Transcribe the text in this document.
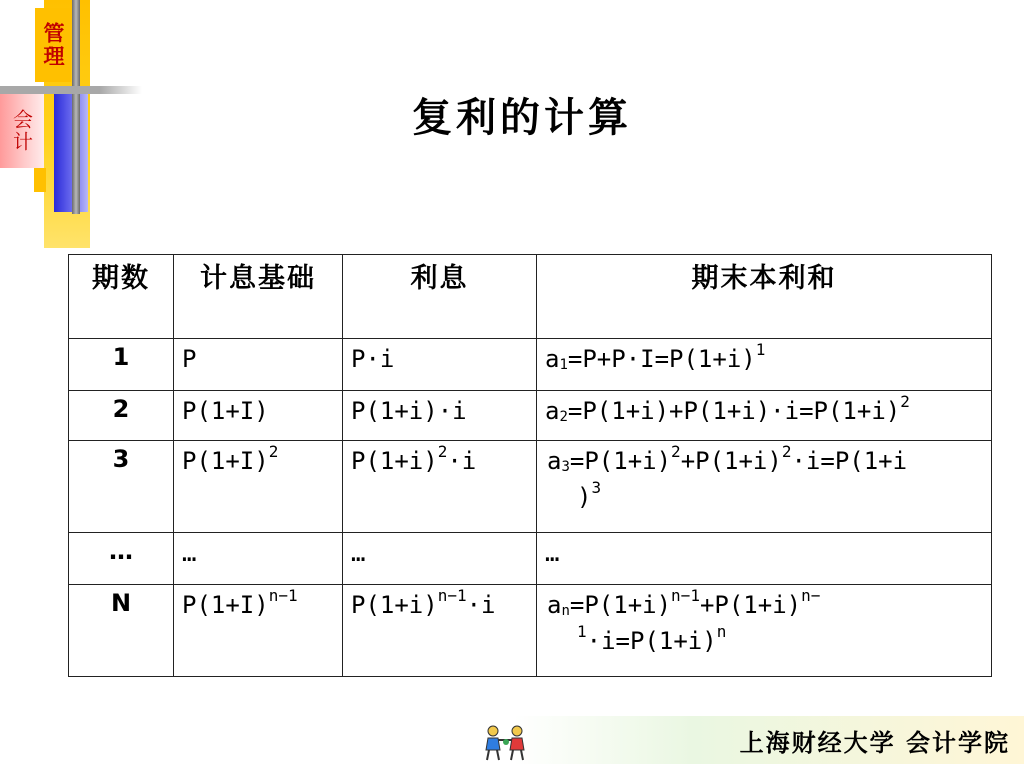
管理
会计	复利的计算
期数	计息基础	利息	期末本利和
1	P	P·i	$a_1=P+P\cdot I=P(1+i)^1$
2	P(1+I)	P(1+i)·i	$a_2=P(1+i)+P(1+i)\cdot i=P(1+i)^2$
3	$P(1+I)^2$	$P(1+i)^2\cdot i$	$a_3=P(1+i)^2+P(1+i)^2\cdot i=P(1+i$
)$^3$
…	…	…	…
N	$P(1+I)^{n-1}$	$P(1+i)^{n-1}\cdot i$	$a_n=P(1+i)^{n-1}+P(1+i)^{n-}$
$^1\cdot i=P(1+i)^n$
上海财经大学 会计学院
